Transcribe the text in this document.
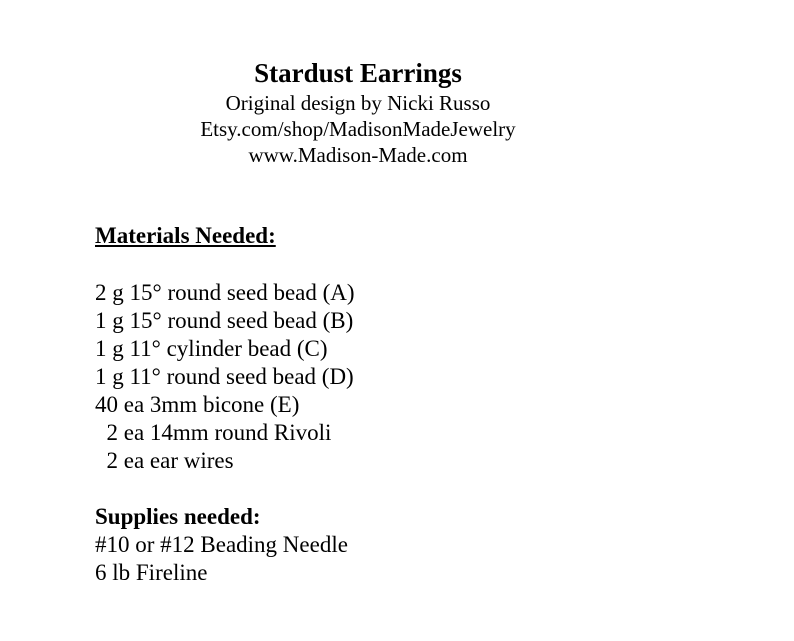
Stardust Earrings

Original design by Nicki Russo

Etsy.com/shop/MadisonMadeJewelry

www.Madison-Made.com

Materials Needed:

2 g 15° round seed bead (A)
1 g 15° round seed bead (B)
1 g 11° cylinder bead (C)
1 g 11° round seed bead (D)
40 ea 3mm bicone (E)
2 ea 14mm round Rivoli
2 ea ear wires

Supplies needed:

#10 or #12 Beading Needle
6 lb Fireline
